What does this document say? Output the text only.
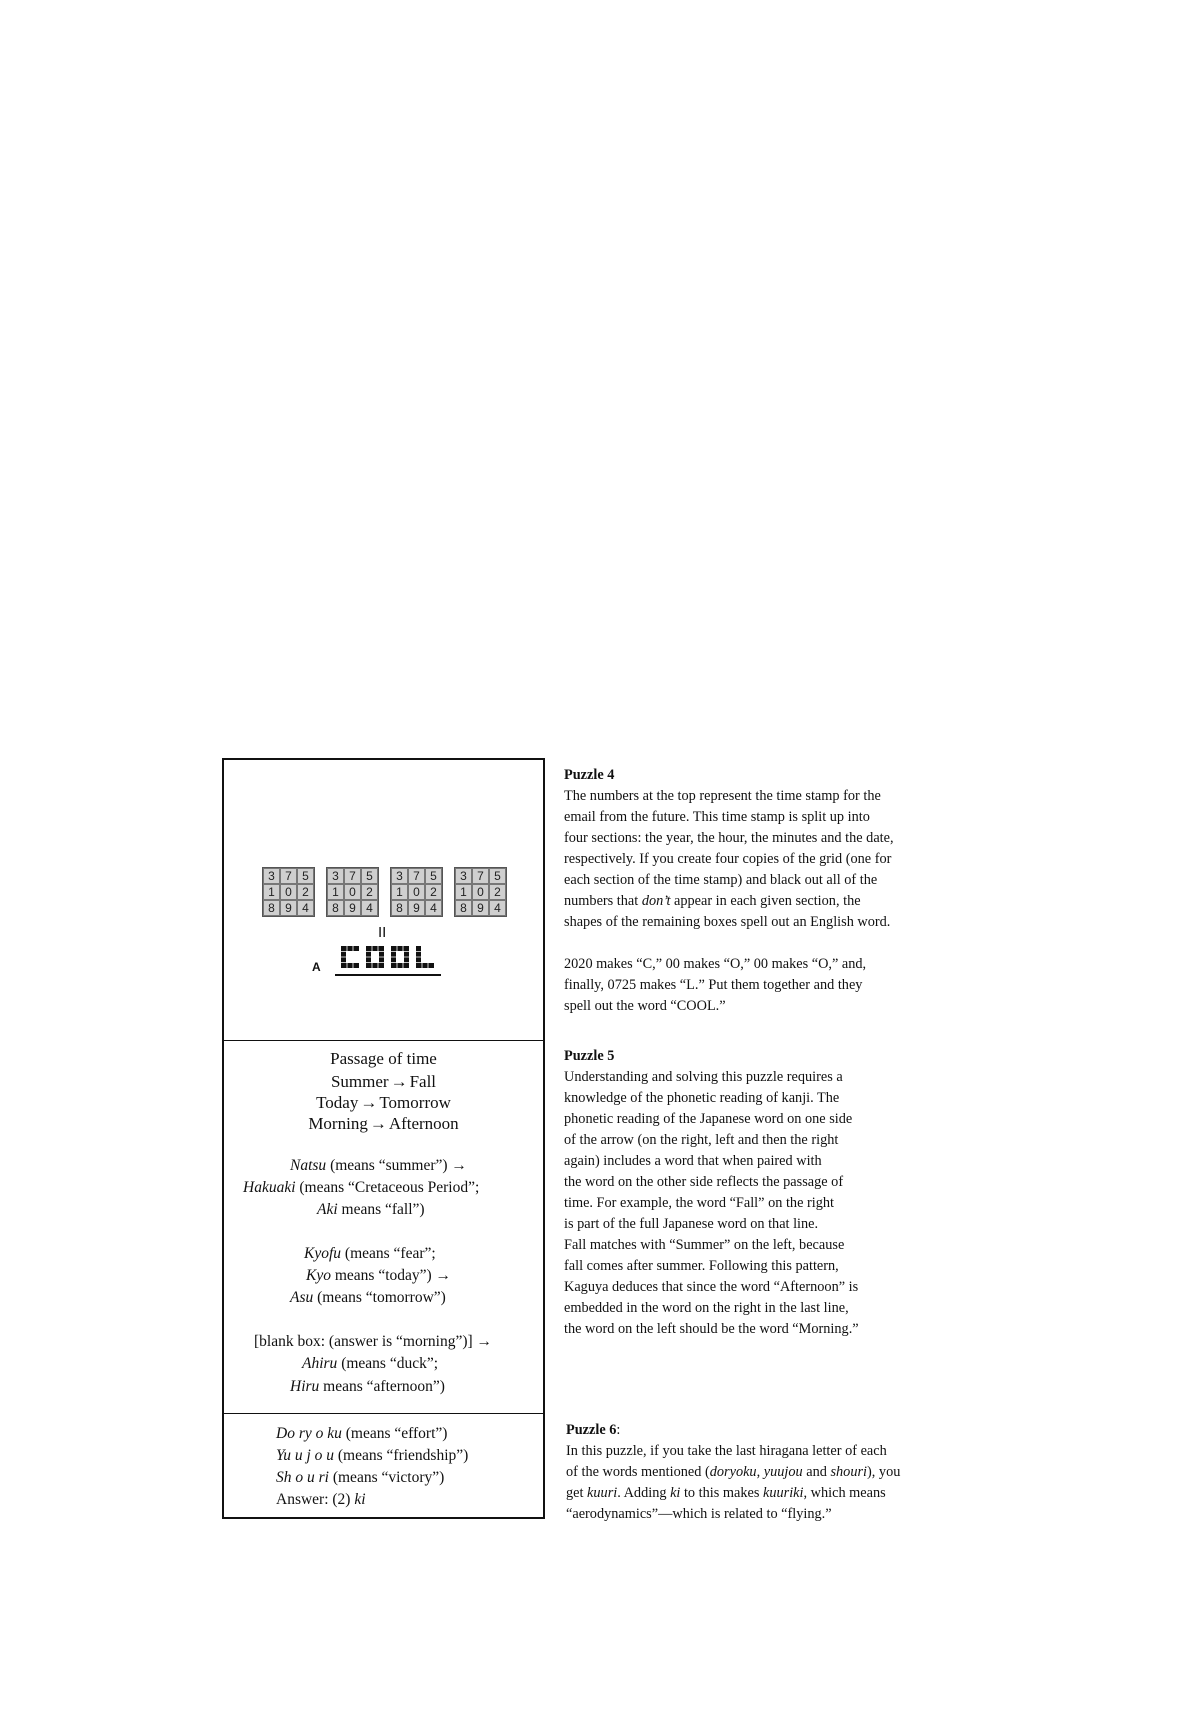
3 7 5
1 0 2
8 9 4
3 7 5
1 0 2
8 9 4
3 7 5
1 0 2
8 9 4
3 7 5
1 0 2
8 9 4
II
A
Passage of time
Summer → Fall
Today → Tomorrow
Morning → Afternoon
Natsu (means “summer”) →
Hakuaki (means “Cretaceous Period”;
Aki means “fall”)
Kyofu (means “fear”;
Kyo means “today”) →
Asu (means “tomorrow”)
[blank box: (answer is “morning”)] →
Ahiru (means “duck”;
Hiru means “afternoon”)
Do ry o ku (means “effort”)
Yu u j o u (means “friendship”)
Sh o u ri (means “victory”)
Answer: (2) ki
Puzzle 4

The numbers at the top represent the time stamp for the

email from the future. This time stamp is split up into

four sections: the year, the hour, the minutes and the date,

respectively. If you create four copies of the grid (one for

each section of the time stamp) and black out all of the

numbers that don’t appear in each given section, the

shapes of the remaining boxes spell out an English word.

2020 makes “C,” 00 makes “O,” 00 makes “O,” and,

finally, 0725 makes “L.” Put them together and they

spell out the word “COOL.”

Puzzle 5

Understanding and solving this puzzle requires a

knowledge of the phonetic reading of kanji. The

phonetic reading of the Japanese word on one side

of the arrow (on the right, left and then the right

again) includes a word that when paired with

the word on the other side reflects the passage of

time. For example, the word “Fall” on the right

is part of the full Japanese word on that line.

Fall matches with “Summer” on the left, because

fall comes after summer. Following this pattern,

Kaguya deduces that since the word “Afternoon” is

embedded in the word on the right in the last line,

the word on the left should be the word “Morning.”

Puzzle 6:

In this puzzle, if you take the last hiragana letter of each

of the words mentioned (doryoku, yuujou and shouri), you

get kuuri. Adding ki to this makes kuuriki, which means

“aerodynamics”—which is related to “flying.”
